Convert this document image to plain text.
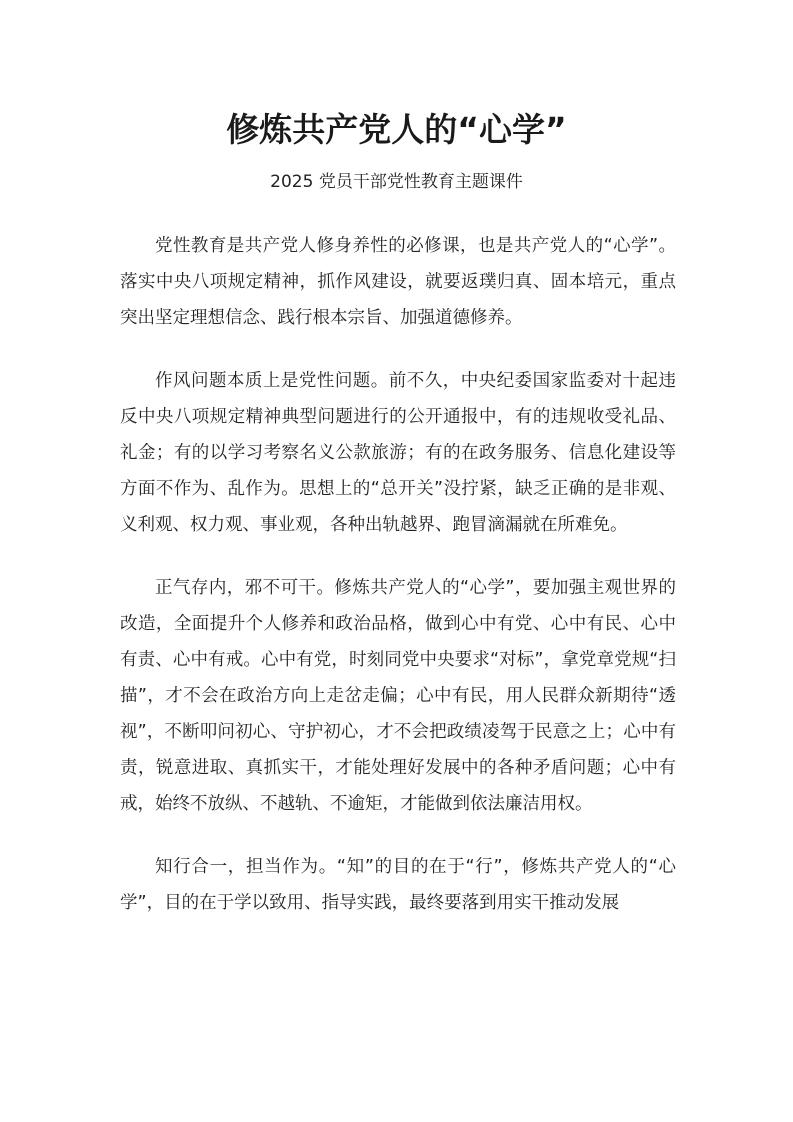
修炼共产党人的“心学”

2025 党员干部党性教育主题课件

党性教育是共产党人修身养性的必修课，也是共产党人的“心学”。落实中央八项规定精神，抓作风建设，就要返璞归真、固本培元，重点突出坚定理想信念、践行根本宗旨、加强道德修养。

作风问题本质上是党性问题。前不久，中央纪委国家监委对十起违反中央八项规定精神典型问题进行的公开通报中，有的违规收受礼品、礼金；有的以学习考察名义公款旅游；有的在政务服务、信息化建设等方面不作为、乱作为。思想上的“总开关”没拧紧，缺乏正确的是非观、义利观、权力观、事业观，各种出轨越界、跑冒滴漏就在所难免。

正气存内，邪不可干。修炼共产党人的“心学”，要加强主观世界的改造，全面提升个人修养和政治品格，做到心中有党、心中有民、心中有责、心中有戒。心中有党，时刻同党中央要求“对标”，拿党章党规“扫描”，才不会在政治方向上走岔走偏；心中有民，用人民群众新期待“透视”，不断叩问初心、守护初心，才不会把政绩凌驾于民意之上；心中有责，锐意进取、真抓实干，才能处理好发展中的各种矛盾问题；心中有戒，始终不放纵、不越轨、不逾矩，才能做到依法廉洁用权。

知行合一，担当作为。“知”的目的在于“行”，修炼共产党人的“心学”，目的在于学以致用、指导实践，最终要落到用实干推动发展
